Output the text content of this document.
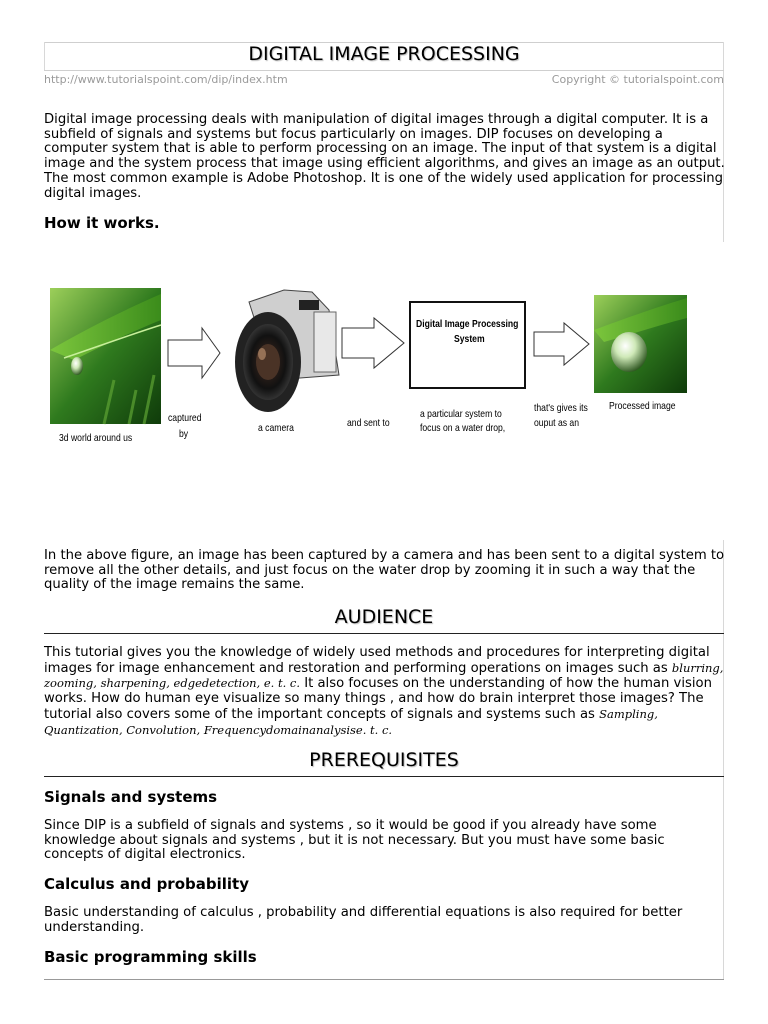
DIGITAL IMAGE PROCESSING
http://www.tutorialspoint.com/dip/index.htm	Copyright © tutorialspoint.com

Digital image processing deals with manipulation of digital images through a digital computer. It is a subfield of signals and systems but focus particularly on images. DIP focuses on developing a computer system that is able to perform processing on an image. The input of that system is a digital image and the system process that image using efficient algorithms, and gives an image as an output. The most common example is Adobe Photoshop. It is one of the widely used application for processing digital images.

How it works.
3d world around us
captured
by	a camera	and sent to
Digital Image Processing
System
a particular system to
focus on a water drop,
that's gives its
ouput as an
Processed image

In the above figure, an image has been captured by a camera and has been sent to a digital system to remove all the other details, and just focus on the water drop by zooming it in such a way that the quality of the image remains the same.

AUDIENCE

This tutorial gives you the knowledge of widely used methods and procedures for interpreting digital images for image enhancement and restoration and performing operations on images such as blurring, zooming, sharpening, edgedetection, e. t. c. It also focuses on the understanding of how the human vision works. How do human eye visualize so many things , and how do brain interpret those images? The tutorial also covers some of the important concepts of signals and systems such as Sampling, Quantization, Convolution, Frequencydomainanalysise. t. c.

PREREQUISITES
Signals and systems

Since DIP is a subfield of signals and systems , so it would be good if you already have some knowledge about signals and systems , but it is not necessary. But you must have some basic concepts of digital electronics.

Calculus and probability

Basic understanding of calculus , probability and differential equations is also required for better understanding.

Basic programming skills
